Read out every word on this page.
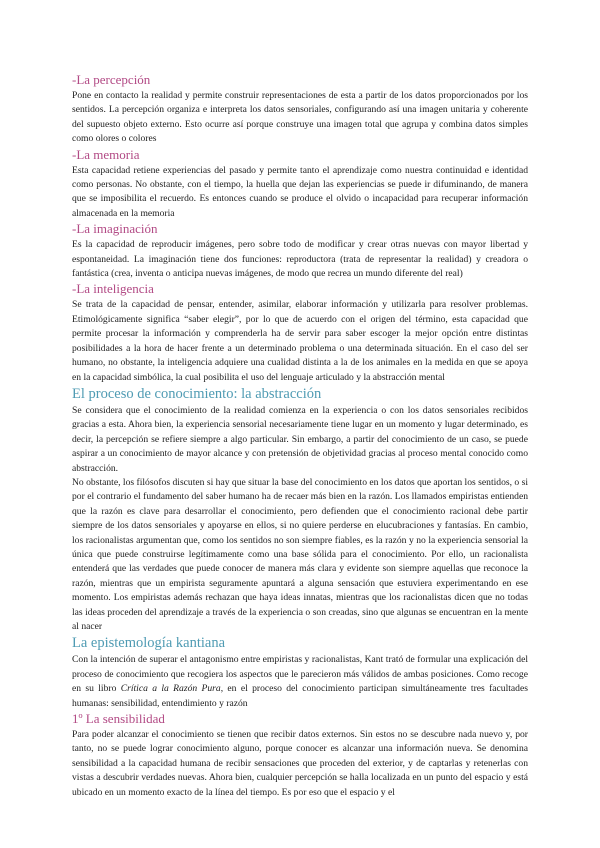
-La percepción

Pone en contacto la realidad y permite construir representaciones de esta a partir de los datos proporcionados por los sentidos. La percepción organiza e interpreta los datos sensoriales, configurando así una imagen unitaria y coherente del supuesto objeto externo. Esto ocurre así porque construye una imagen total que agrupa y combina datos simples como olores o colores

-La memoria

Esta capacidad retiene experiencias del pasado y permite tanto el aprendizaje como nuestra continuidad e identidad como personas. No obstante, con el tiempo, la huella que dejan las experiencias se puede ir difuminando, de manera que se imposibilita el recuerdo. Es entonces cuando se produce el olvido o incapacidad para recuperar información almacenada en la memoria

-La imaginación

Es la capacidad de reproducir imágenes, pero sobre todo de modificar y crear otras nuevas con mayor libertad y espontaneidad. La imaginación tiene dos funciones: reproductora (trata de representar la realidad) y creadora o fantástica (crea, inventa o anticipa nuevas imágenes, de modo que recrea un mundo diferente del real)

-La inteligencia

Se trata de la capacidad de pensar, entender, asimilar, elaborar información y utilizarla para resolver problemas. Etimológicamente significa “saber elegir”, por lo que de acuerdo con el origen del término, esta capacidad que permite procesar la información y comprenderla ha de servir para saber escoger la mejor opción entre distintas posibilidades a la hora de hacer frente a un determinado problema o una determinada situación. En el caso del ser humano, no obstante, la inteligencia adquiere una cualidad distinta a la de los animales en la medida en que se apoya en la capacidad simbólica, la cual posibilita el uso del lenguaje articulado y la abstracción mental

El proceso de conocimiento: la abstracción

Se considera que el conocimiento de la realidad comienza en la experiencia o con los datos sensoriales recibidos gracias a esta. Ahora bien, la experiencia sensorial necesariamente tiene lugar en un momento y lugar determinado, es decir, la percepción se refiere siempre a algo particular. Sin embargo, a partir del conocimiento de un caso, se puede aspirar a un conocimiento de mayor alcance y con pretensión de objetividad gracias al proceso mental conocido como abstracción.

No obstante, los filósofos discuten si hay que situar la base del conocimiento en los datos que aportan los sentidos, o si por el contrario el fundamento del saber humano ha de recaer más bien en la razón. Los llamados empiristas entienden que la razón es clave para desarrollar el conocimiento, pero defienden que el conocimiento racional debe partir siempre de los datos sensoriales y apoyarse en ellos, si no quiere perderse en elucubraciones y fantasías. En cambio, los racionalistas argumentan que, como los sentidos no son siempre fiables, es la razón y no la experiencia sensorial la única que puede construirse legítimamente como una base sólida para el conocimiento. Por ello, un racionalista entenderá que las verdades que puede conocer de manera más clara y evidente son siempre aquellas que reconoce la razón, mientras que un empirista seguramente apuntará a alguna sensación que estuviera experimentando en ese momento. Los empiristas además rechazan que haya ideas innatas, mientras que los racionalistas dicen que no todas las ideas proceden del aprendizaje a través de la experiencia o son creadas, sino que algunas se encuentran en la mente al nacer

La epistemología kantiana

Con la intención de superar el antagonismo entre empiristas y racionalistas, Kant trató de formular una explicación del proceso de conocimiento que recogiera los aspectos que le parecieron más válidos de ambas posiciones. Como recoge en su libro Crítica a la Razón Pura, en el proceso del conocimiento participan simultáneamente tres facultades humanas: sensibilidad, entendimiento y razón

1º La sensibilidad

Para poder alcanzar el conocimiento se tienen que recibir datos externos. Sin estos no se descubre nada nuevo y, por tanto, no se puede lograr conocimiento alguno, porque conocer es alcanzar una información nueva. Se denomina sensibilidad a la capacidad humana de recibir sensaciones que proceden del exterior, y de captarlas y retenerlas con vistas a descubrir verdades nuevas. Ahora bien, cualquier percepción se halla localizada en un punto del espacio y está ubicado en un momento exacto de la línea del tiempo. Es por eso que el espacio y el
